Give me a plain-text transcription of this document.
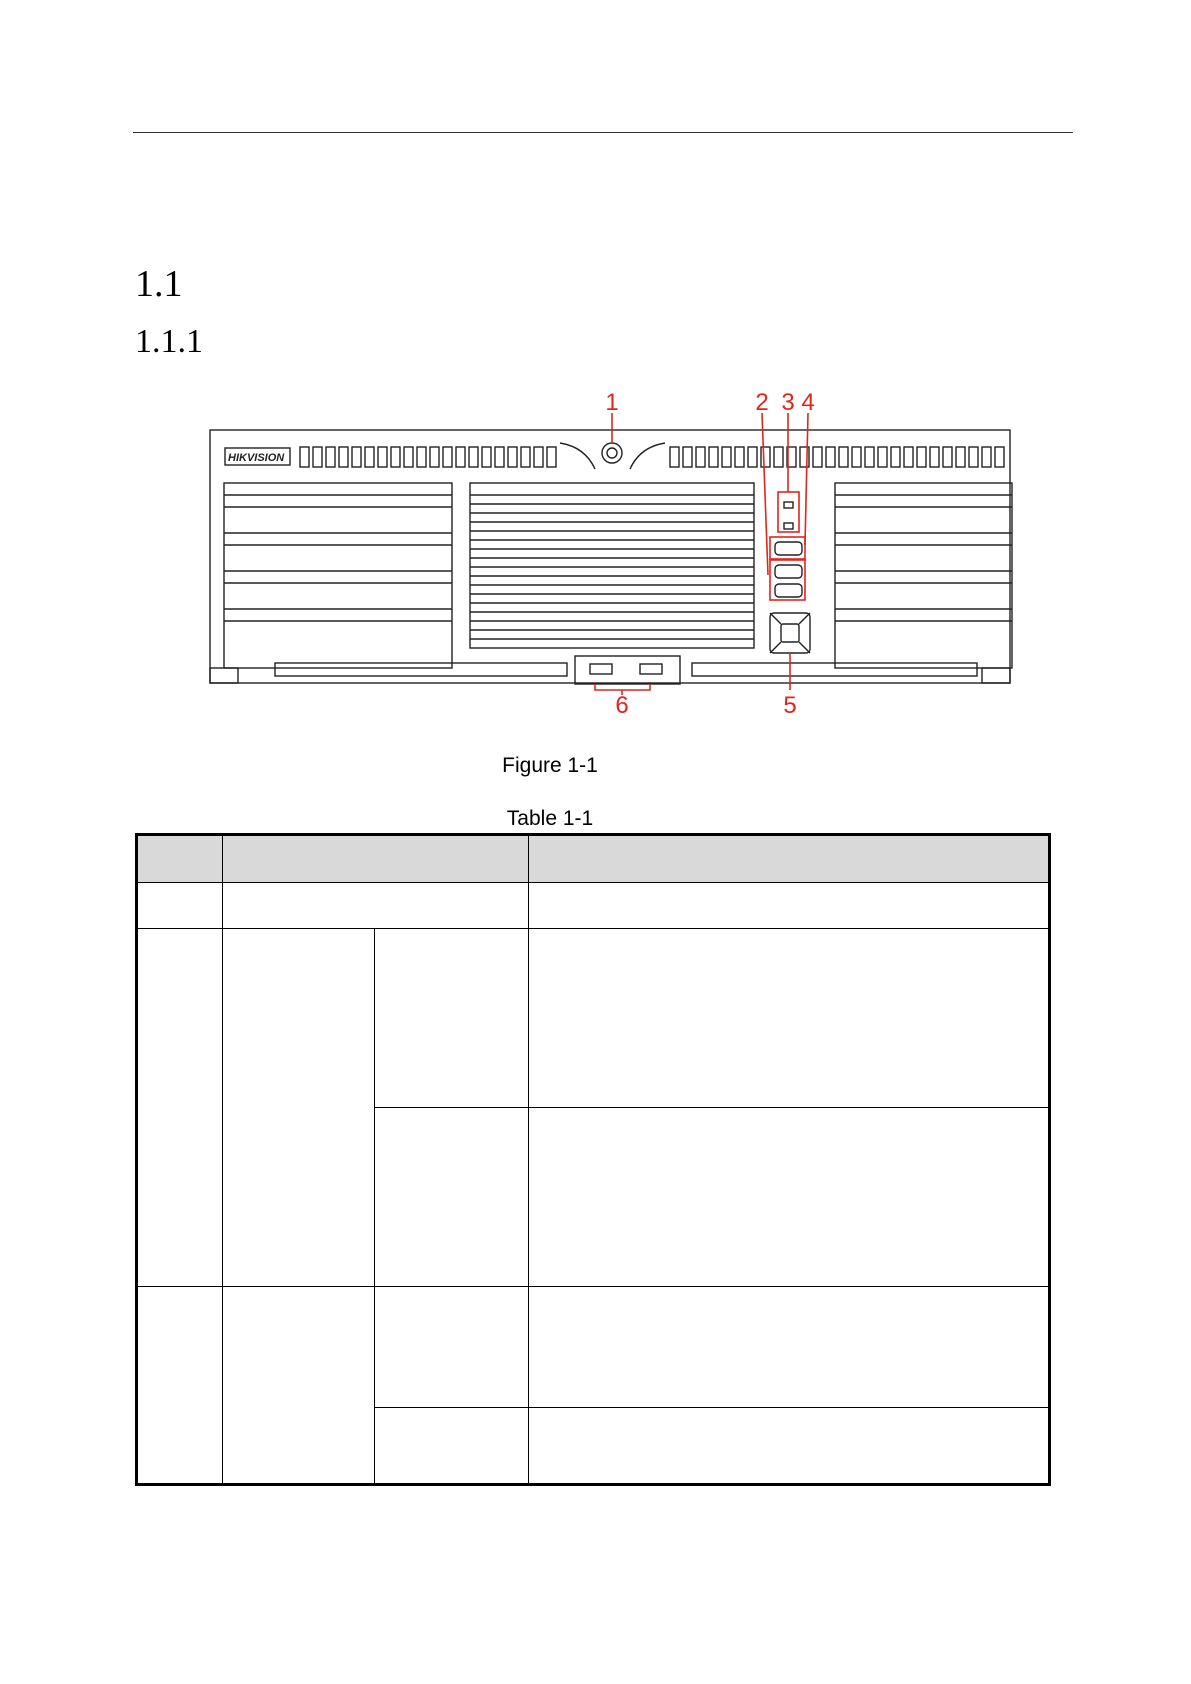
1.1
1.1.1
HIKVISION
1	2 3 4
5
6
Figure 1-1
Table 1-1
